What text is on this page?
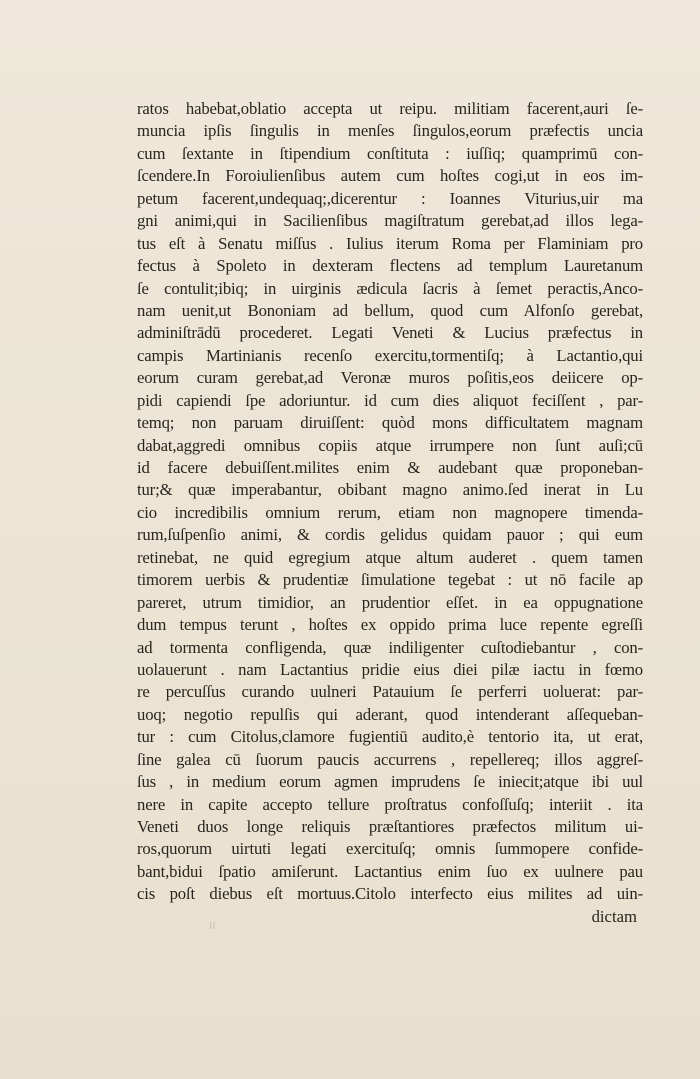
ratos habebat,oblatio accepta ut reipu. militiam facerent,auri ſe-
muncia ipſis ſingulis in menſes ſingulos,eorum præfectis uncia
cum ſextante in ſtipendium conſtituta : iuſſiq; quamprimū con-
ſcendere.In Foroiulienſibus autem cum hoſtes cogi,ut in eos im-
petum facerent,undequaq;,dicerentur : Ioannes Viturius,uir ma
gni animi,qui in Sacilienſibus magiſtratum gerebat,ad illos lega-
tus eſt à Senatu miſſus . Iulius iterum Roma per Flaminiam pro
fectus à Spoleto in dexteram flectens ad templum Lauretanum
ſe contulit;ibiq; in uirginis ædicula ſacris à ſemet peractis,Anco-
nam uenit,ut Bononiam ad bellum, quod cum Alfonſo gerebat,
adminiſtrādū procederet. Legati Veneti & Lucius præfectus in
campis Martinianis recenſo exercitu,tormentiſq; à Lactantio,qui
eorum curam gerebat,ad Veronæ muros poſitis,eos deiicere op-
pidi capiendi ſpe adoriuntur. id cum dies aliquot feciſſent , par-
temq; non paruam diruiſſent: quòd mons difficultatem magnam
dabat,aggredi omnibus copiis atque irrumpere non ſunt auſi;cū
id facere debuiſſent.milites enim & audebant quæ proponeban-
tur;& quæ imperabantur, obibant magno animo.ſed inerat in Lu
cio incredibilis omnium rerum, etiam non magnopere timenda-
rum,ſuſpenſio animi, & cordis gelidus quidam pauor ; qui eum
retinebat, ne quid egregium atque altum auderet . quem tamen
timorem uerbis & prudentiæ ſimulatione tegebat : ut nō facile ap
pareret, utrum timidior, an prudentior eſſet. in ea oppugnatione
dum tempus terunt , hoſtes ex oppido prima luce repente egreſſi
ad tormenta confligenda, quæ indiligenter cuſtodiebantur , con-
uolauerunt . nam Lactantius pridie eius diei pilæ iactu in fœmo
re percuſſus curando uulneri Patauium ſe perferri uoluerat: par-
uoq; negotio repulſis qui aderant, quod intenderant aſſequeban-
tur : cum Citolus,clamore fugientiū audito,è tentorio ita, ut erat,
ſine galea cū ſuorum paucis accurrens , repellereq; illos aggreſ-
ſus , in medium eorum agmen imprudens ſe iniecit;atque ibi uul
nere in capite accepto tellure proſtratus confoſſuſq; interiit . ita
Veneti duos longe reliquis præſtantiores præfectos militum ui-
ros,quorum uirtuti legati exercituſq; omnis ſummopere confide-
bant,bidui ſpatio amiſerunt. Lactantius enim ſuo ex uulnere pau
cis poſt diebus eſt mortuus.Citolo interfecto eius milites ad uin-
dictam
ıı
